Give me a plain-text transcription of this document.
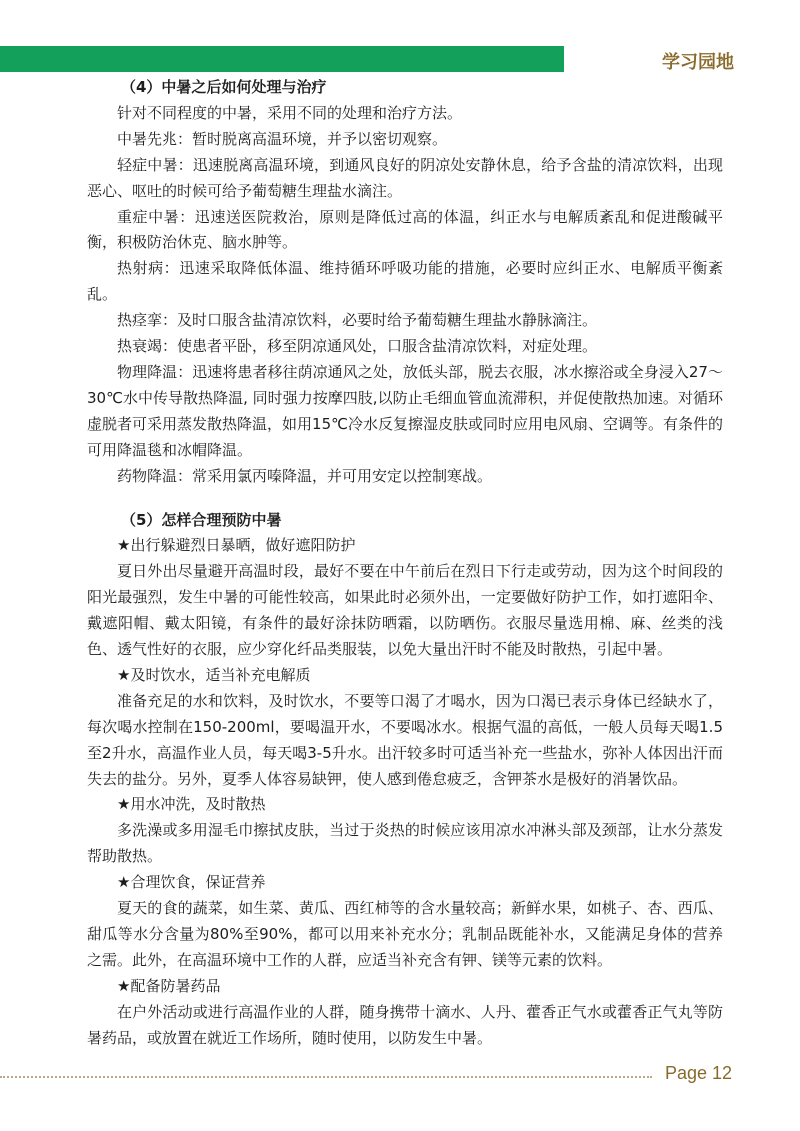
学习园地

（4）中暑之后如何处理与治疗

针对不同程度的中暑，采用不同的处理和治疗方法。

中暑先兆：暂时脱离高温环境，并予以密切观察。

轻症中暑：迅速脱离高温环境，到通风良好的阴凉处安静休息，给予含盐的清凉饮料，出现恶心、呕吐的时候可给予葡萄糖生理盐水滴注。

重症中暑：迅速送医院救治，原则是降低过高的体温，纠正水与电解质紊乱和促进酸碱平衡，积极防治休克、脑水肿等。

热射病：迅速采取降低体温、维持循环呼吸功能的措施，必要时应纠正水、电解质平衡紊乱。

热痉挛：及时口服含盐清凉饮料，必要时给予葡萄糖生理盐水静脉滴注。

热衰竭：使患者平卧，移至阴凉通风处，口服含盐清凉饮料，对症处理。

物理降温：迅速将患者移往荫凉通风之处，放低头部，脱去衣服，冰水擦浴或全身浸入27～30℃水中传导散热降温, 同时强力按摩四肢,以防止毛细血管血流滞积，并促使散热加速。对循环虚脱者可采用蒸发散热降温，如用15℃冷水反复擦湿皮肤或同时应用电风扇、空调等。有条件的可用降温毯和冰帽降温。

药物降温：常采用氯丙嗪降温，并可用安定以控制寒战。

（5）怎样合理预防中暑

★出行躲避烈日暴晒，做好遮阳防护

夏日外出尽量避开高温时段，最好不要在中午前后在烈日下行走或劳动，因为这个时间段的阳光最强烈，发生中暑的可能性较高，如果此时必须外出，一定要做好防护工作，如打遮阳伞、戴遮阳帽、戴太阳镜，有条件的最好涂抹防晒霜，以防晒伤。衣服尽量选用棉、麻、丝类的浅色、透气性好的衣服，应少穿化纤品类服装，以免大量出汗时不能及时散热，引起中暑。

★及时饮水，适当补充电解质

准备充足的水和饮料，及时饮水，不要等口渴了才喝水，因为口渴已表示身体已经缺水了，每次喝水控制在150-200ml，要喝温开水，不要喝冰水。根据气温的高低，一般人员每天喝1.5至2升水，高温作业人员，每天喝3-5升水。出汗较多时可适当补充一些盐水，弥补人体因出汗而失去的盐分。另外，夏季人体容易缺钾，使人感到倦怠疲乏，含钾茶水是极好的消暑饮品。

★用水冲洗，及时散热

多洗澡或多用湿毛巾擦拭皮肤，当过于炎热的时候应该用凉水冲淋头部及颈部，让水分蒸发帮助散热。

★合理饮食，保证营养

夏天的食的蔬菜，如生菜、黄瓜、西红柿等的含水量较高；新鲜水果，如桃子、杏、西瓜、甜瓜等水分含量为80%至90%，都可以用来补充水分；乳制品既能补水，又能满足身体的营养之需。此外，在高温环境中工作的人群，应适当补充含有钾、镁等元素的饮料。

★配备防暑药品

在户外活动或进行高温作业的人群，随身携带十滴水、人丹、藿香正气水或藿香正气丸等防暑药品，或放置在就近工作场所，随时使用，以防发生中暑。

Page 12
